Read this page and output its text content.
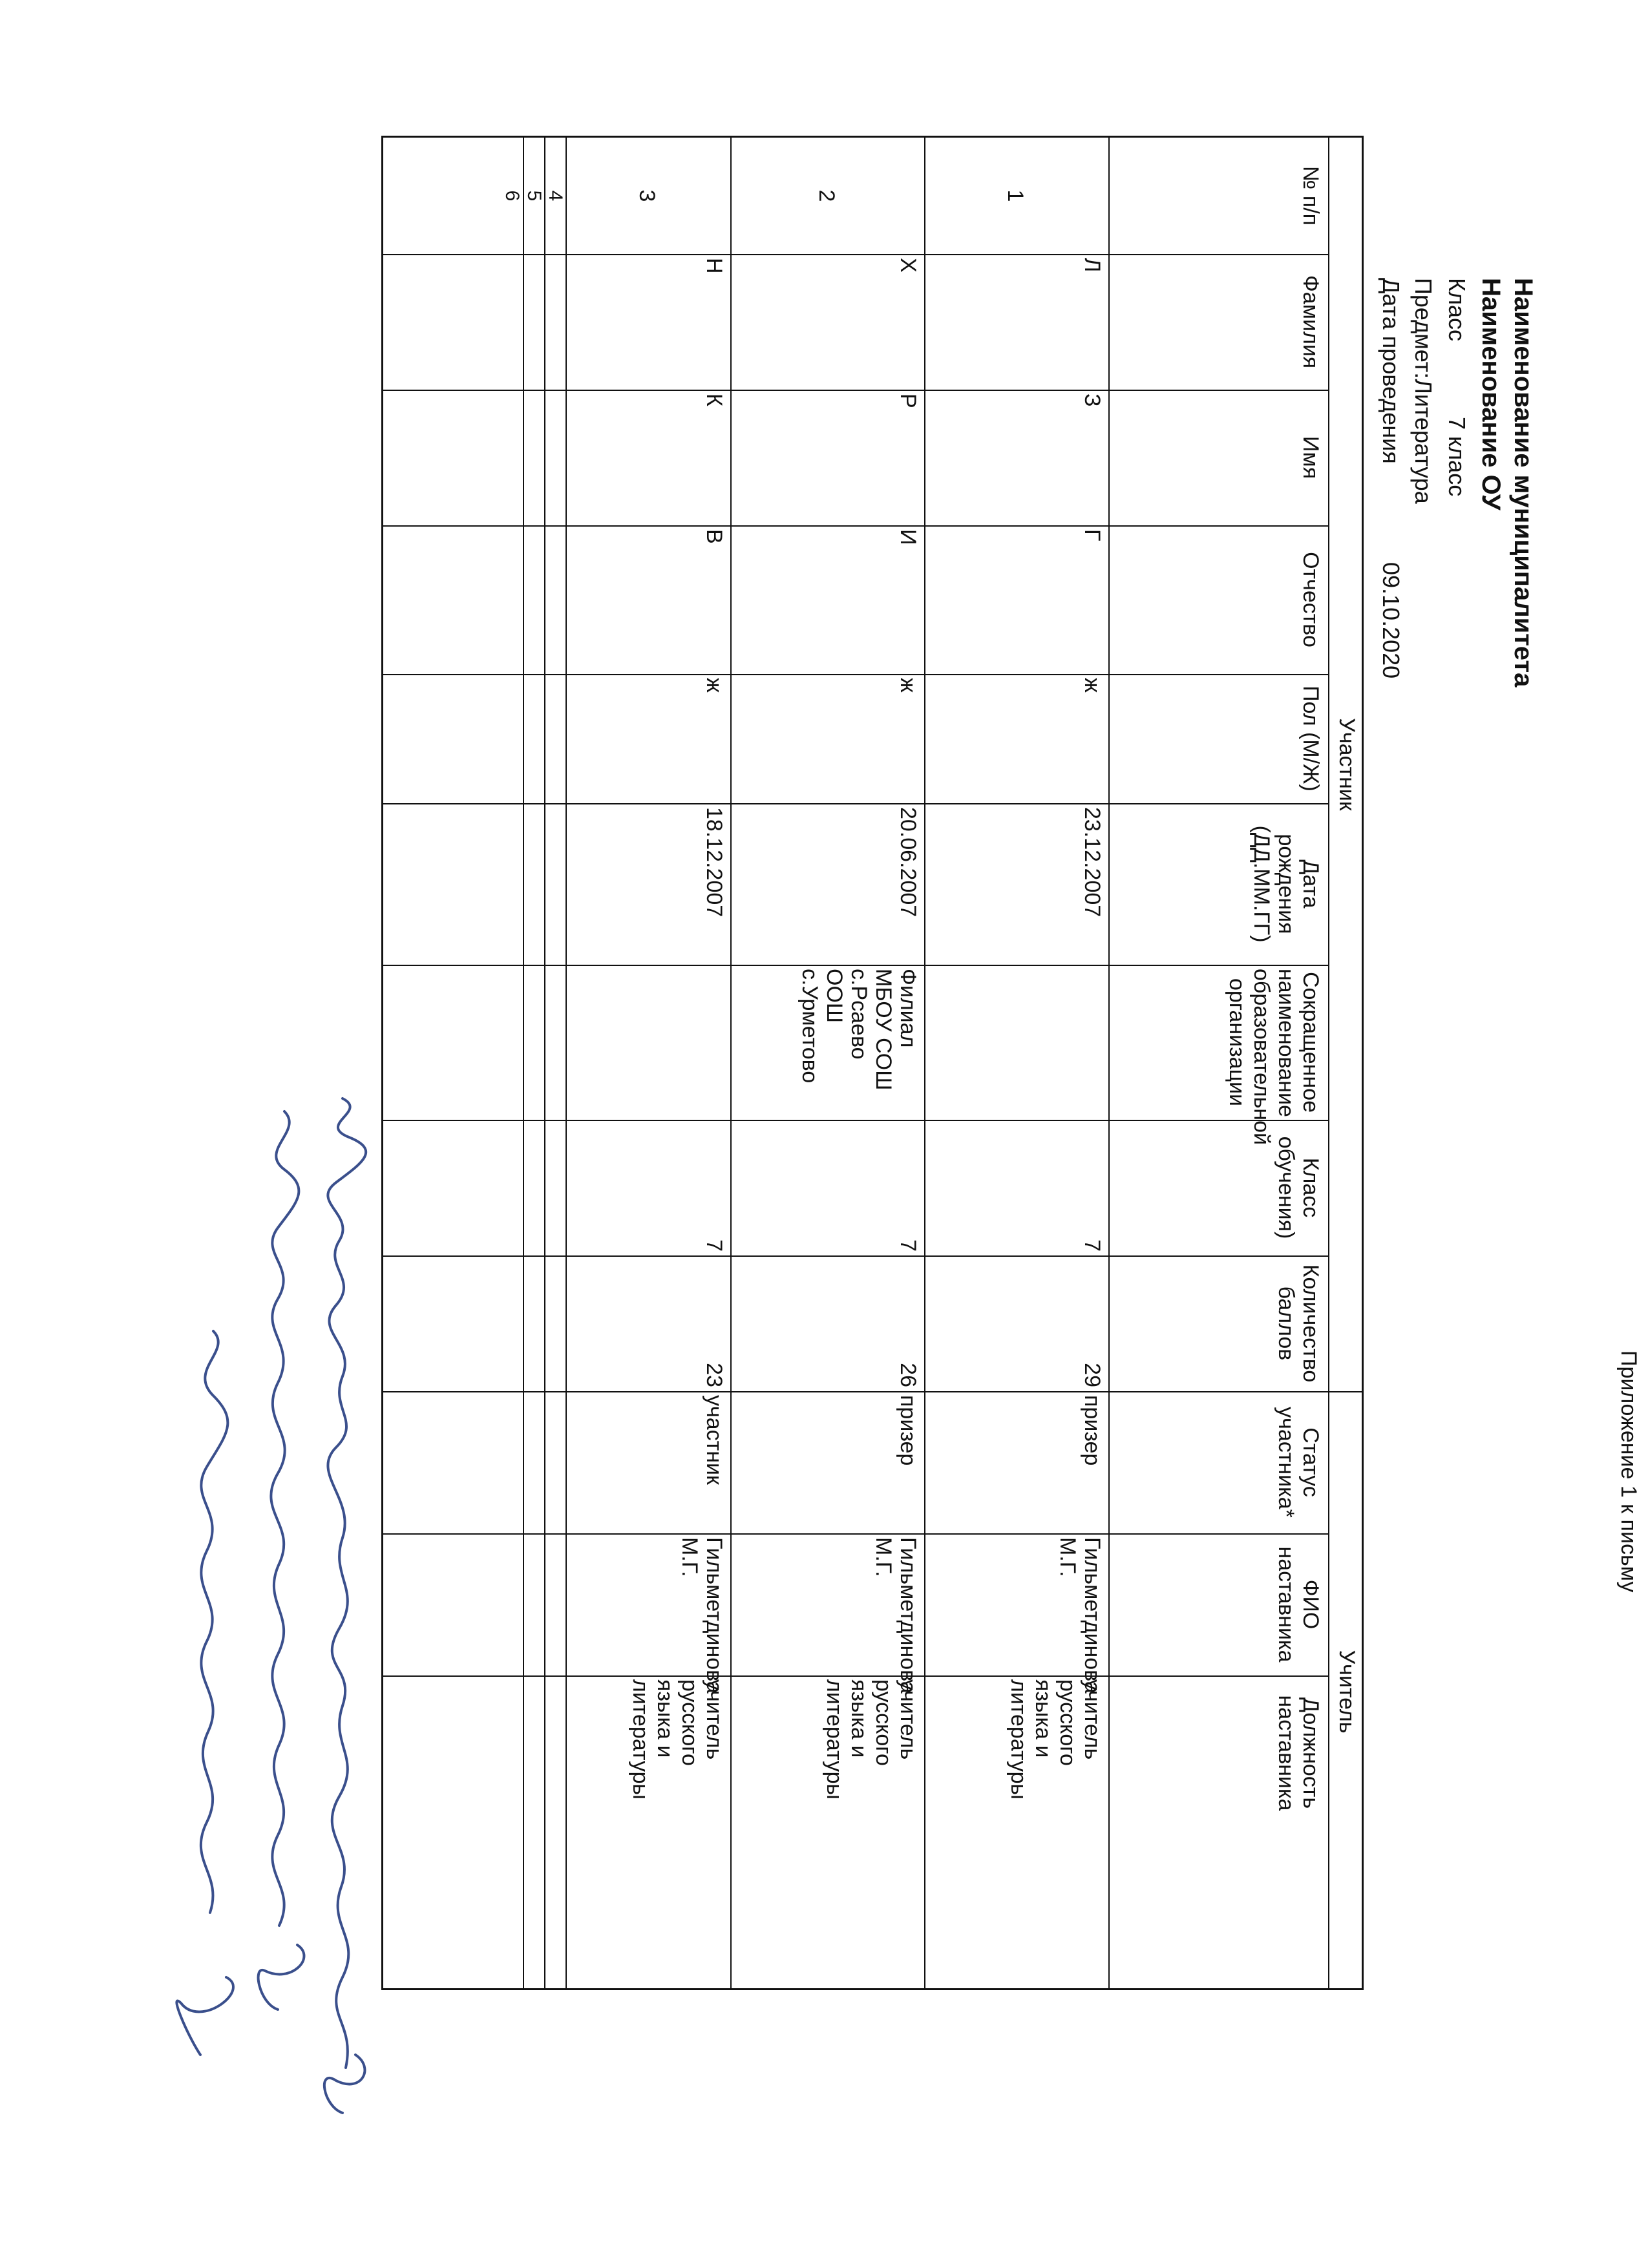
Приложение 1 к письму
Наименование муниципалитета
Наименование ОУ
Класс
7 класс
Предмет:Литература
Дата проведения
09.10.2020
Участник
Учитель
№ п/п
Фамилия
Имя
Отчество
Пол (М/Ж)
Дата рождения (ДД.ММ.ГГ)
Сокращенное наименование образовательной организации
Класс обучения)
Количество баллов
Статус участника*
ФИО наставника
Должность наставника
1
Л
З
Г
ж
23.12.2007
7
29
призер
Гильметдинова М.Г.
учитель русского языка и литературы
2
Х
Р
И
ж
20.06.2007
Филиал МБОУ СОШ с.Рсаево ООШ с.Урметово
7
26
призер
Гильметдинова М.Г.
учитель русского языка и литературы
3
Н
К
В
ж
18.12.2007
7
23
участник
Гильметдинова М.Г.
учитель русского языка и литературы
4
5
6
